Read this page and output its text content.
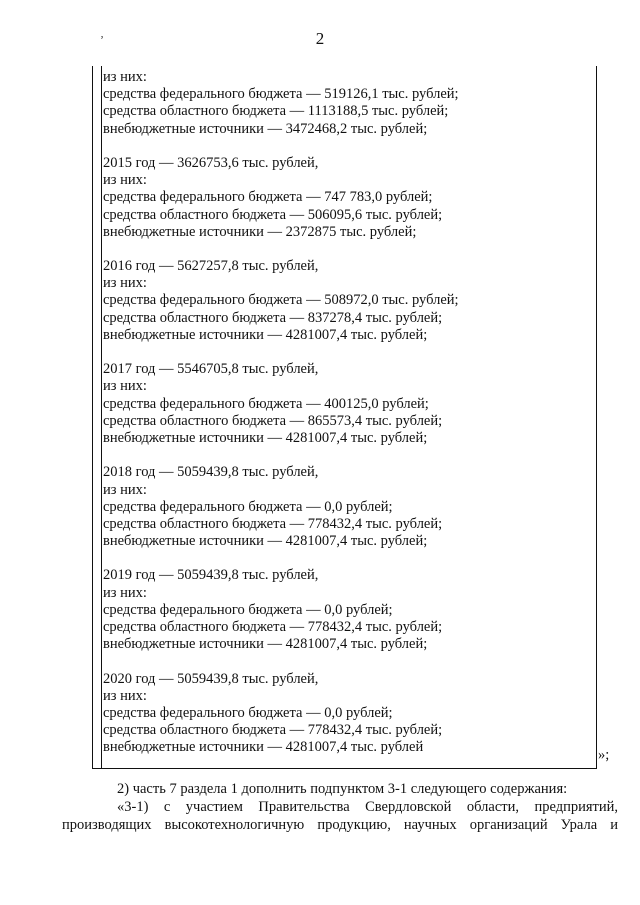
2
ʼ
из них:
средства федерального бюджета — 519126,1 тыс. рублей;
средства областного бюджета — 1113188,5 тыс. рублей;
внебюджетные источники — 3472468,2 тыс. рублей;
2015 год — 3626753,6 тыс. рублей,
из них:
средства федерального бюджета — 747 783,0 рублей;
средства областного бюджета — 506095,6 тыс. рублей;
внебюджетные источники — 2372875 тыс. рублей;
2016 год — 5627257,8 тыс. рублей,
из них:
средства федерального бюджета — 508972,0 тыс. рублей;
средства областного бюджета — 837278,4 тыс. рублей;
внебюджетные источники — 4281007,4 тыс. рублей;
2017 год — 5546705,8 тыс. рублей,
из них:
средства федерального бюджета — 400125,0 рублей;
средства областного бюджета — 865573,4 тыс. рублей;
внебюджетные источники — 4281007,4 тыс. рублей;
2018 год — 5059439,8 тыс. рублей,
из них:
средства федерального бюджета — 0,0 рублей;
средства областного бюджета — 778432,4 тыс. рублей;
внебюджетные источники — 4281007,4 тыс. рублей;
2019 год — 5059439,8 тыс. рублей,
из них:
средства федерального бюджета — 0,0 рублей;
средства областного бюджета — 778432,4 тыс. рублей;
внебюджетные источники — 4281007,4 тыс. рублей;
2020 год — 5059439,8 тыс. рублей,
из них:
средства федерального бюджета — 0,0 рублей;
средства областного бюджета — 778432,4 тыс. рублей;
внебюджетные источники — 4281007,4 тыс. рублей	»;
2) часть 7 раздела 1 дополнить подпунктом 3-1 следующего содержания:
«3-1) с участием Правительства Свердловской области, предприятий,
производящих высокотехнологичную продукцию, научных организаций Урала и
